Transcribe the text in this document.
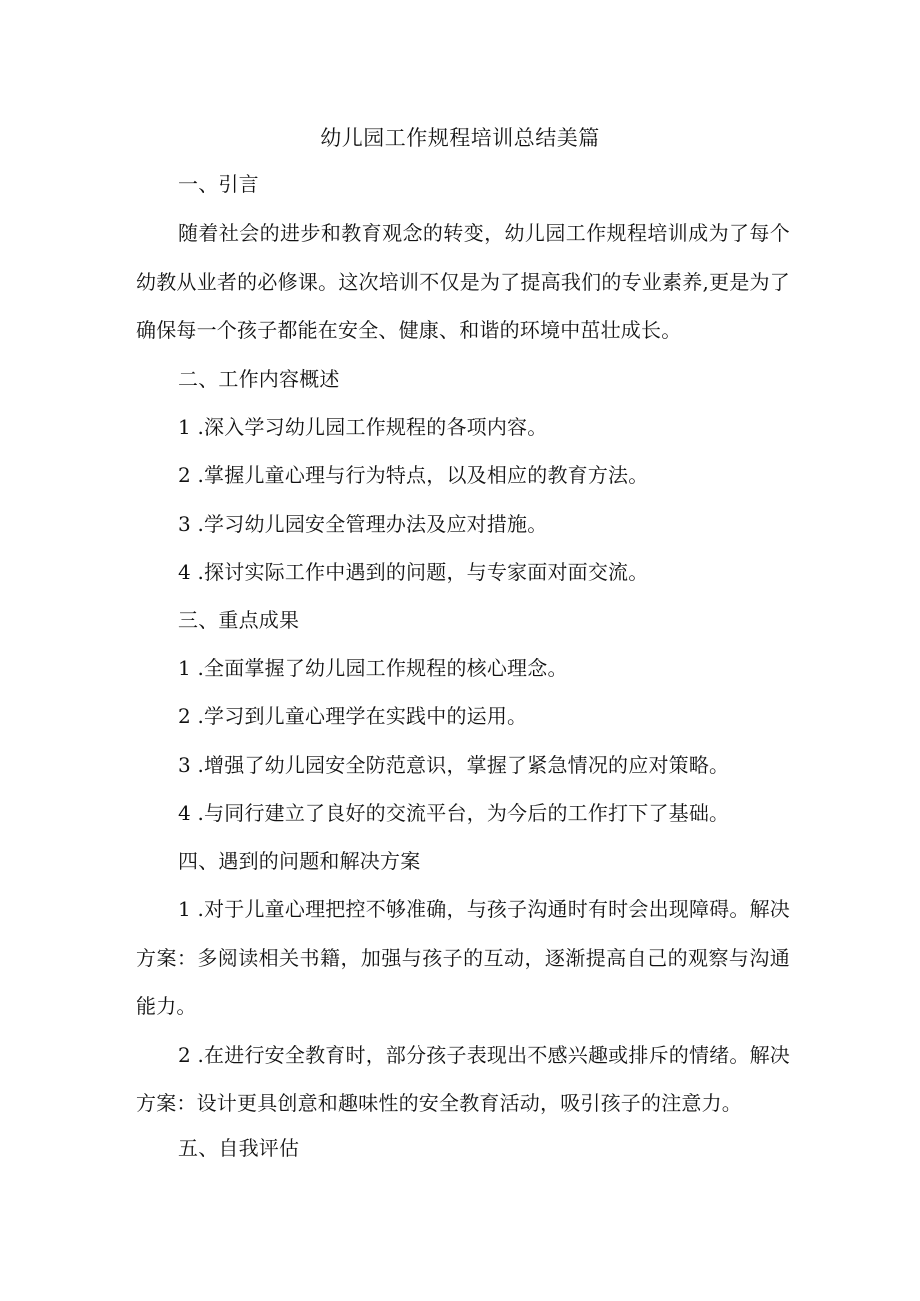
幼儿园工作规程培训总结美篇
一、引言
随着社会的进步和教育观念的转变，幼儿园工作规程培训成为了每个
幼教从业者的必修课。这次培训不仅是为了提高我们的专业素养,更是为了
确保每一个孩子都能在安全、健康、和谐的环境中茁壮成长。
二、工作内容概述
1 .深入学习幼儿园工作规程的各项内容。
2 .掌握儿童心理与行为特点，以及相应的教育方法。
3 .学习幼儿园安全管理办法及应对措施。
4 .探讨实际工作中遇到的问题，与专家面对面交流。
三、重点成果
1 .全面掌握了幼儿园工作规程的核心理念。
2 .学习到儿童心理学在实践中的运用。
3 .增强了幼儿园安全防范意识，掌握了紧急情况的应对策略。
4 .与同行建立了良好的交流平台，为今后的工作打下了基础。
四、遇到的问题和解决方案
1 .对于儿童心理把控不够准确，与孩子沟通时有时会出现障碍。解决
方案：多阅读相关书籍，加强与孩子的互动，逐渐提高自己的观察与沟通
能力。
2 .在进行安全教育时，部分孩子表现出不感兴趣或排斥的情绪。解决
方案：设计更具创意和趣味性的安全教育活动，吸引孩子的注意力。
五、自我评估
